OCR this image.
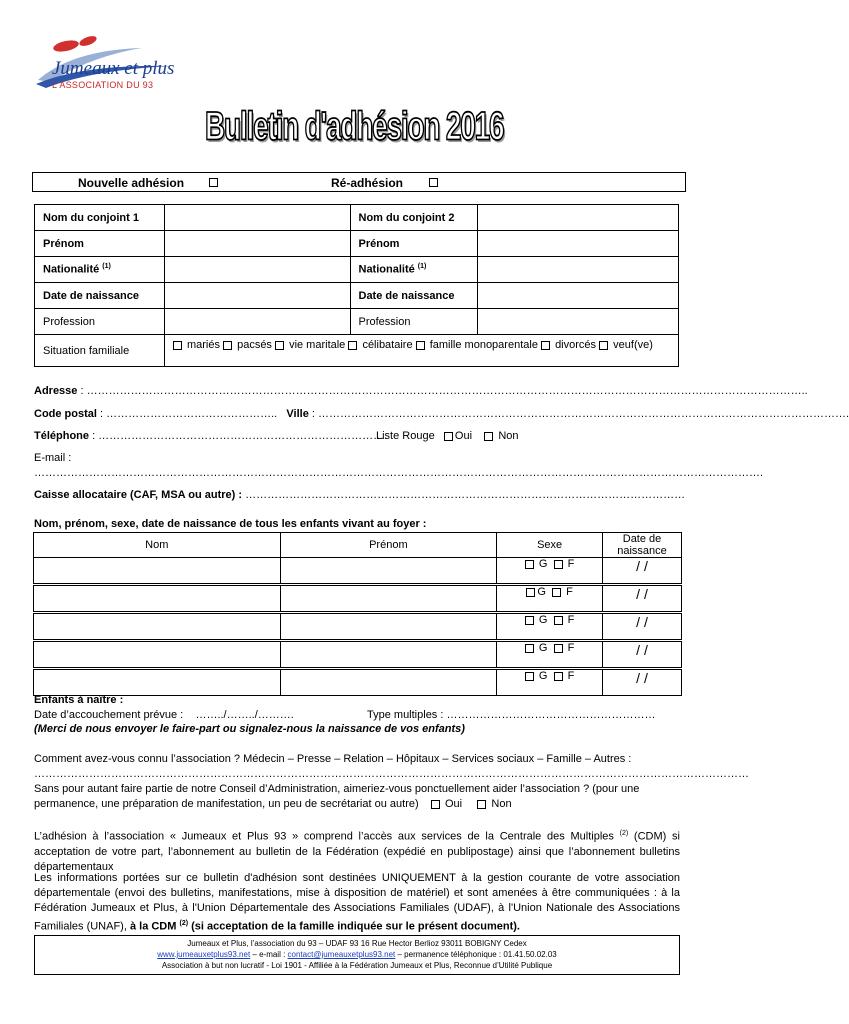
Jumeaux et plus
L'ASSOCIATION DU 93
Bulletin d'adhésion 2016
Nouvelle adhésion	Ré-adhésion
Nom du conjoint 1		Nom du conjoint 2	
Prénom		Prénom	
Nationalité $^{(1)}$		Nationalité $^{(1)}$	
Date de naissance		Date de naissance	
Profession		Profession	
Situation familiale	mariés pacsés vie maritale célibataire famille monoparentale divorcés veuf(ve)		
Adresse : ……………………………………………………………………………………………………………………………………………………………………………..
Code postal : ……………………………………….. Ville : ……………………………………………………………………………………………………………………………….
Téléphone : …………………………………………………………………….
Liste Rouge Oui Non
E-mail :
……………………………………………………………………………………………………………………………………………………………………………….
Caisse allocataire (CAF, MSA ou autre) : …………………………………………………………………………………………………………
Nom, prénom, sexe, date de naissance de tous les enfants vivant au foyer :
Nom	Prénom	Sexe	Date de naissance
		G F	/ /
		G F	/ /
		G F	/ /
		G F	/ /
		G F	/ /
Enfants à naître :
Date d’accouchement prévue : ……../……../……….	Type multiples : …………………………………………………
(Merci de nous envoyer le faire-part ou signalez-nous la naissance de vos enfants)
Comment avez-vous connu l’association ? Médecin – Presse – Relation – Hôpitaux – Services sociaux – Famille – Autres :
……………………………………………………………………………………………………………………………………………………………………………
Sans pour autant faire partie de notre Conseil d’Administration, aimeriez-vous ponctuellement aider l’association ? (pour une permanence, une préparation de manifestation, un peu de secrétariat ou autre) Oui	Non
L’adhésion à l’association « Jumeaux et Plus 93 » comprend l’accès aux services de la Centrale des Multiples $^{(2)}$ (CDM) si acceptation de votre part, l’abonnement au bulletin de la Fédération (expédié en publipostage) ainsi que l’abonnement bulletins départementaux
Les informations portées sur ce bulletin d'adhésion sont destinées UNIQUEMENT à la gestion courante de votre association départementale (envoi des bulletins, manifestations, mise à disposition de matériel) et sont amenées à être communiquées : à la Fédération Jumeaux et Plus, à l'Union Départementale des Associations Familiales (UDAF), à l'Union Nationale des Associations Familiales (UNAF), à la CDM $^{(2)}$ (si acceptation de la famille indiquée sur le présent document).
Jumeaux et Plus, l’association du 93 – UDAF 93 16 Rue Hector Berlioz 93011 BOBIGNY Cedex
www.jumeauxetplus93.net – e-mail : contact@jumeauxetplus93.net – permanence téléphonique : 01.41.50.02.03
Association à but non lucratif - Loi 1901 - Affiliée à la Fédération Jumeaux et Plus, Reconnue d’Utilité Publique
